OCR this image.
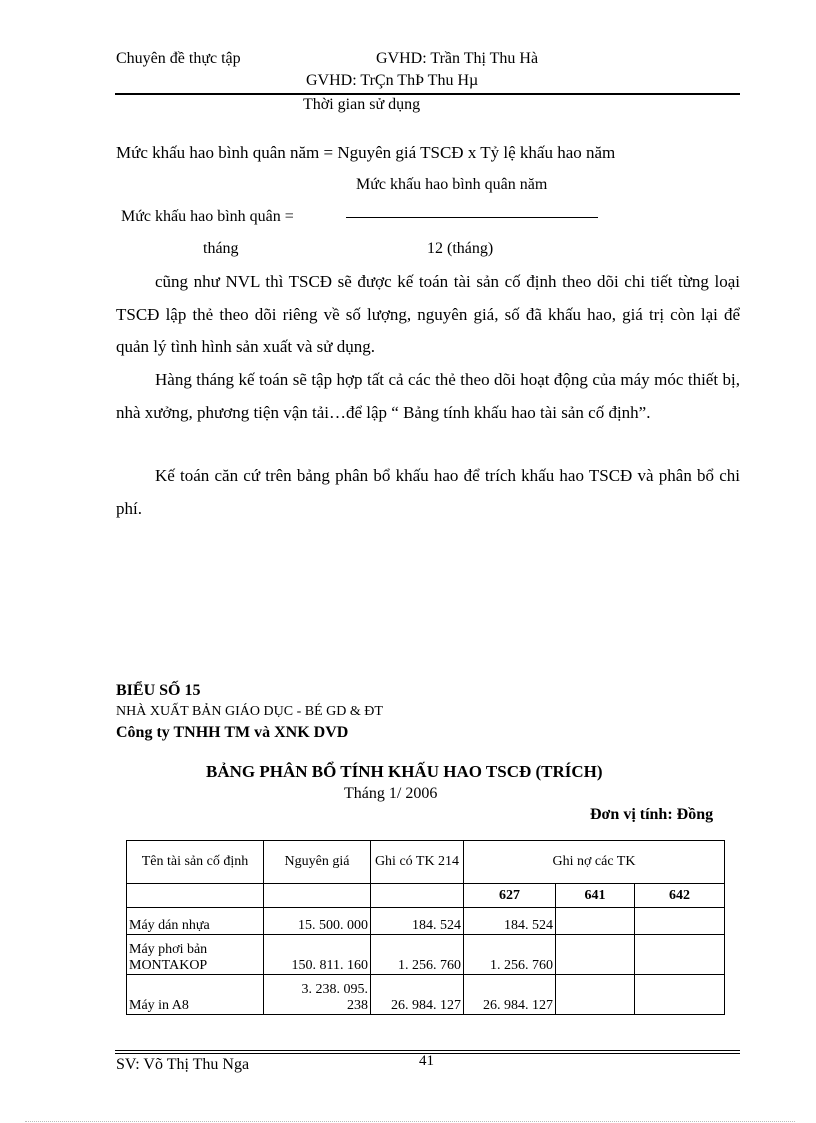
Chuyên đề thực tập	GVHD: Trần Thị Thu Hà
GVHD: TrÇn ThÞ Thu Hµ
Thời gian sử dụng
Mức khấu hao bình quân năm = Nguyên giá TSCĐ x Tỷ lệ khấu hao năm
Mức khấu hao bình quân năm
Mức khấu hao bình quân =
tháng	12 (tháng)
cũng như NVL thì TSCĐ sẽ được kế toán tài sản cố định theo dõi chi tiết từng loại TSCĐ lập thẻ theo dõi riêng về số lượng, nguyên giá, số đã khấu hao, giá trị còn lại để quản lý tình hình sản xuất và sử dụng.
Hàng tháng kế toán sẽ tập hợp tất cả các thẻ theo dõi hoạt động của máy móc thiết bị, nhà xưởng, phương tiện vận tải…để lập “ Bảng tính khấu hao tài sản cố định”.
Kế toán căn cứ trên bảng phân bổ khấu hao để trích khấu hao TSCĐ và phân bổ chi phí.
BIỂU SỐ 15
NHÀ XUẤT BẢN GIÁO DỤC - BÉ GD & ĐT
Công ty TNHH TM và XNK DVD
BẢNG PHÂN BỔ TÍNH KHẤU HAO TSCĐ (TRÍCH)
Tháng 1/ 2006
Đơn vị tính: Đồng
Tên tài sản cố định	Nguyên giá	Ghi có TK 214	Ghi nợ các TK		
			627	641	642

Máy dán nhựa	15. 500. 000	184. 524	184. 524		

Máy phơi bản
MONTAKOP	150. 811. 160	1. 256. 760	1. 256. 760		

Máy in A8	3. 238. 095.
238	26. 984. 127	26. 984. 127		
SV: Võ Thị Thu Nga	41
